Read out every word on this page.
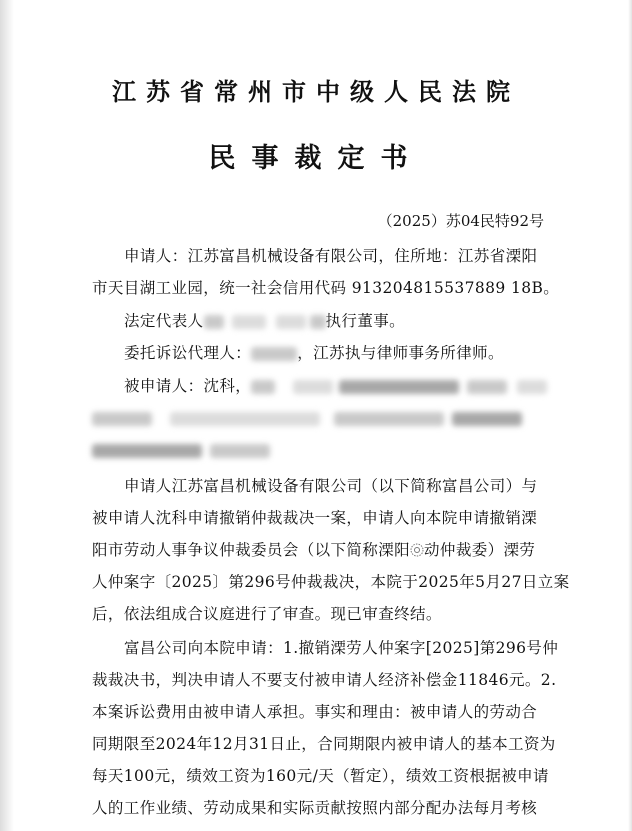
江苏省常州市中级人民法院
民事裁定书
（2025）苏04民特92号
申请人：江苏富昌机械设备有限公司，住所地：江苏省溧阳
市天目湖工业园，统一社会信用代码 913204815537889 18B。
法定代表人	执行董事。
委托诉讼代理人：	，江苏执与律师事务所律师。
被申请人：沈科，
申请人江苏富昌机械设备有限公司（以下简称富昌公司）与
被申请人沈科申请撤销仲裁裁决一案，申请人向本院申请撤销溧
阳市劳动人事争议仲裁委员会（以下简称溧阳 动仲裁委）溧劳
人仲案字〔2025〕第296号仲裁裁决，本院于2025年5月27日立案
后，依法组成合议庭进行了审查。现已审查终结。
富昌公司向本院申请：1.撤销溧劳人仲案字[2025]第296号仲
裁裁决书，判决申请人不要支付被申请人经济补偿金11846元。2.
本案诉讼费用由被申请人承担。事实和理由：被申请人的劳动合
同期限至2024年12月31日止，合同期限内被申请人的基本工资为
每天100元，绩效工资为160元/天（暂定），绩效工资根据被申请
人的工作业绩、劳动成果和实际贡献按照内部分配办法每月考核
